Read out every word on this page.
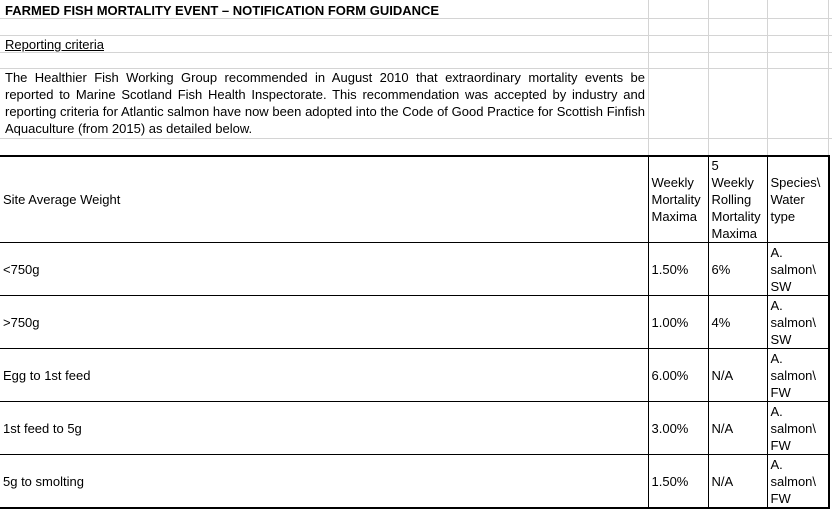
FARMED FISH MORTALITY EVENT – NOTIFICATION FORM GUIDANCE
Reporting criteria

The Healthier Fish Working Group recommended in August 2010 that extraordinary mortality events be reported to Marine Scotland Fish Health Inspectorate. This recommendation was accepted by industry and reporting criteria for Atlantic salmon have now been adopted into the Code of Good Practice for Scottish Finfish Aquaculture (from 2015) as detailed below.

Site Average Weight	Weekly Mortality Maxima	5 Weekly Rolling Mortality Maxima	Species\ Water type
<750g	1.50%	6%	A. salmon\ SW
>750g	1.00%	4%	A. salmon\ SW
Egg to 1st feed	6.00%	N/A	A. salmon\ FW
1st feed to 5g	3.00%	N/A	A. salmon\ FW
5g to smolting	1.50%	N/A	A. salmon\ FW
